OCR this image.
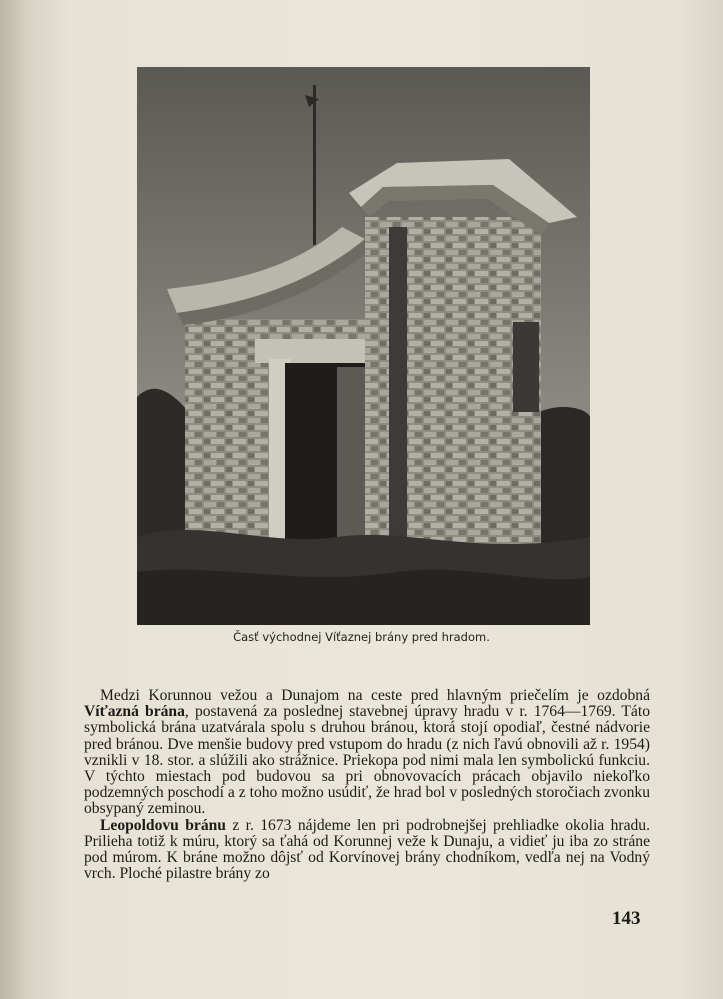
Časť východnej Víťaznej brány pred hradom.

Medzi Korunnou vežou a Dunajom na ceste pred hlavným priečelím je ozdobná Víťazná brána, postavená za poslednej stavebnej úpravy hradu v r. 1764—1769. Táto symbolická brána uzatvárala spolu s druhou bránou, ktorá stojí opodiaľ, čestné nádvorie pred bránou. Dve menšie budovy pred vstupom do hradu (z nich ľavú obnovili až r. 1954) vznikli v 18. stor. a slúžili ako strážnice. Priekopa pod nimi mala len symbolickú funkciu. V týchto miestach pod budovou sa pri obnovovacích prácach objavilo niekoľko podzemných poschodí a z toho možno usúdiť, že hrad bol v posledných storočiach zvonku obsypaný zeminou.

Leopoldovu bránu z r. 1673 nájdeme len pri podrobnejšej prehliadke okolia hradu. Prilieha totiž k múru, ktorý sa ťahá od Korunnej veže k Dunaju, a vidieť ju iba zo stráne pod múrom. K bráne možno dôjsť od Korvínovej brány chodníkom, vedľa nej na Vodný vrch. Ploché pilastre brány zo

143
